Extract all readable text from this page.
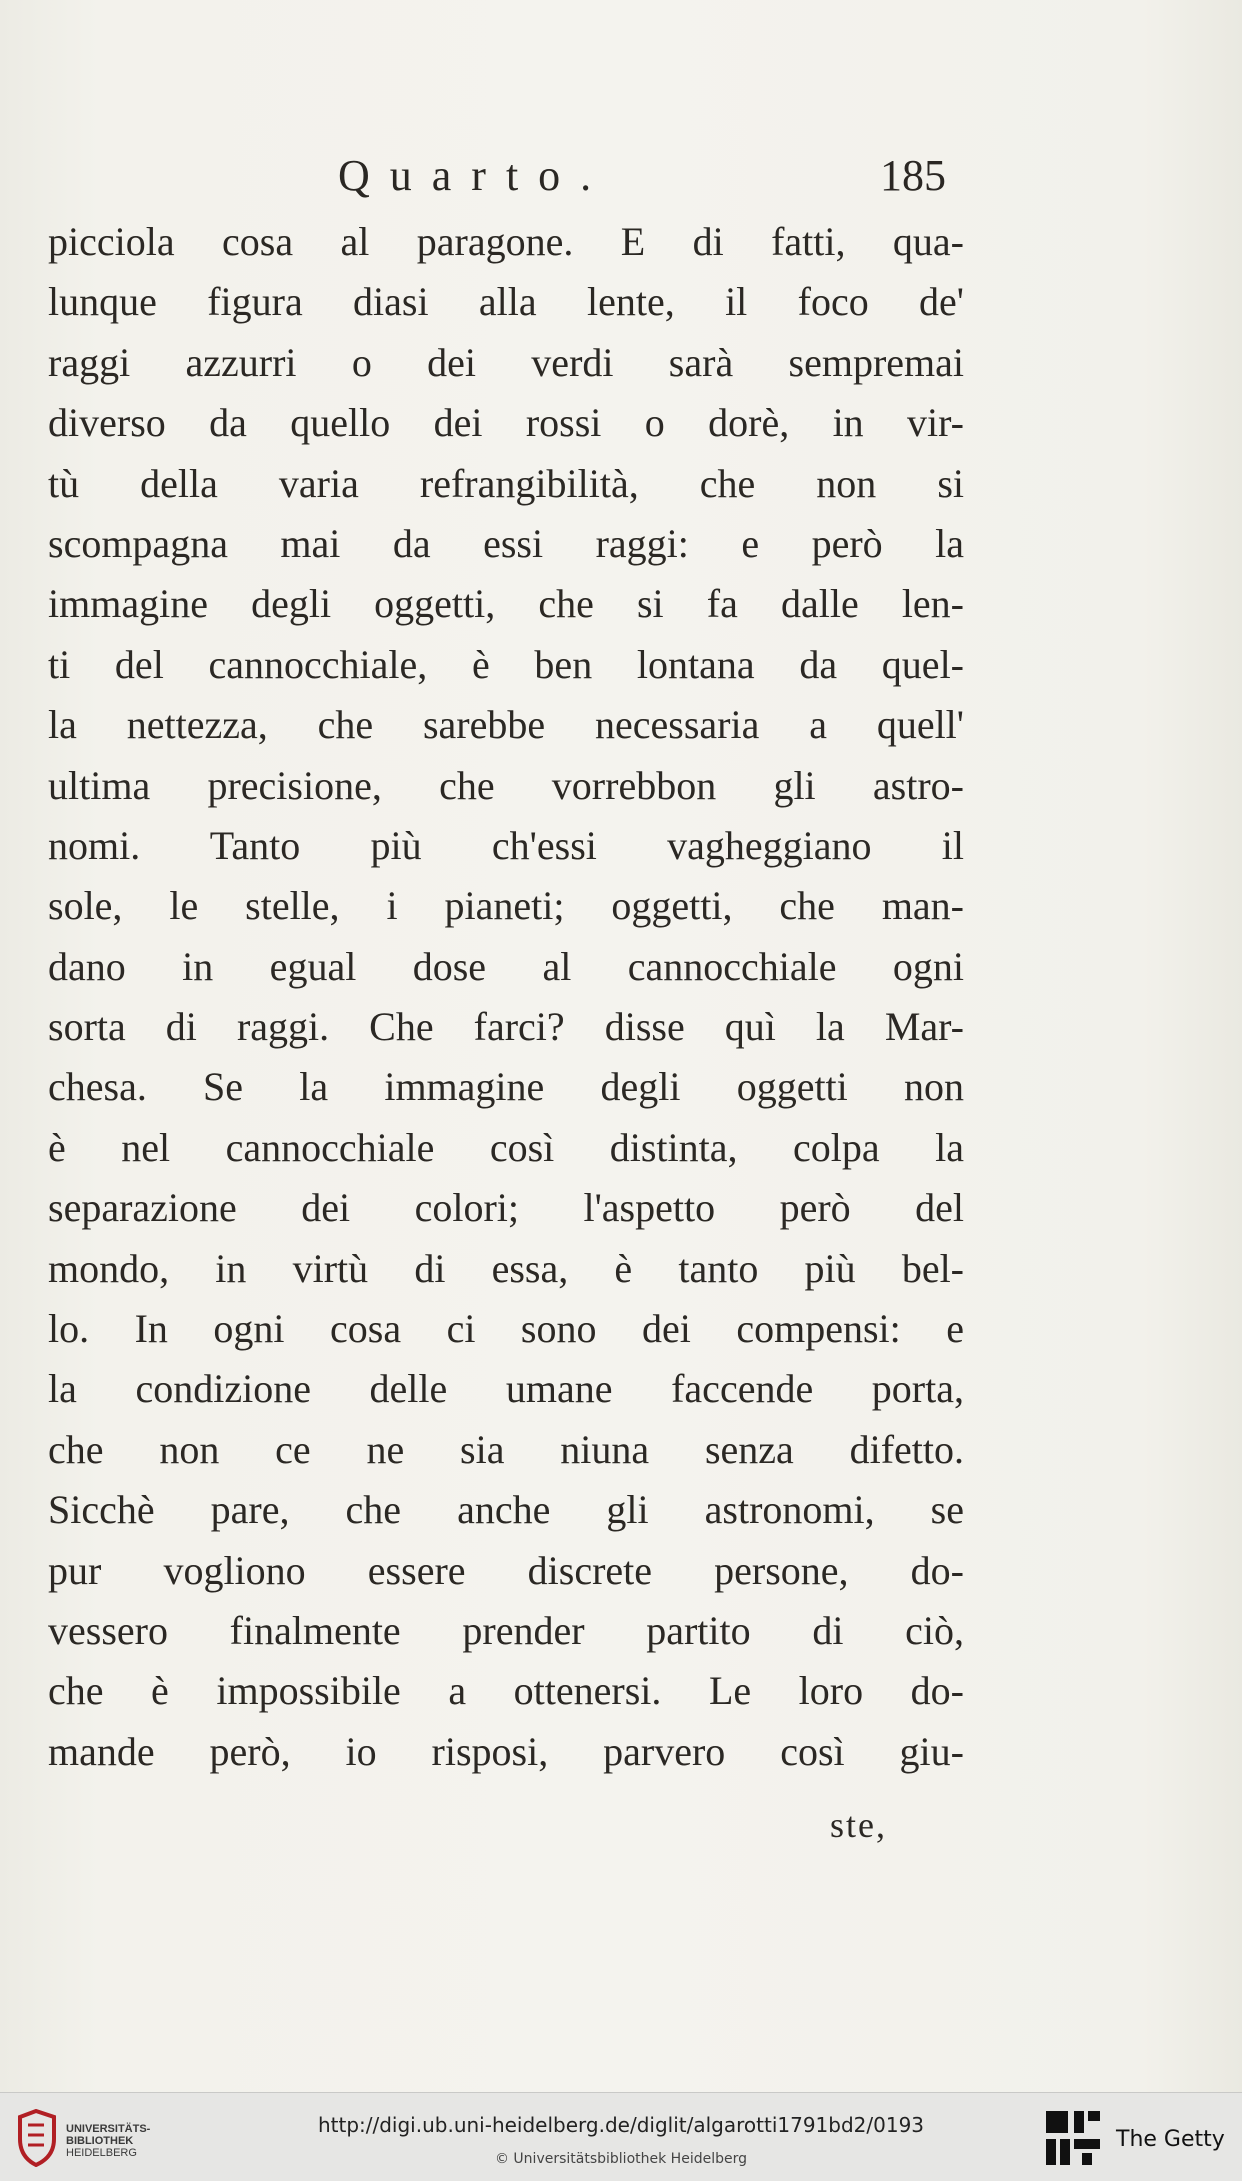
Quarto.	185
picciola cosa al paragone. E di fatti, qua-
lunque figura diasi alla lente, il foco de'
raggi azzurri o dei verdi sarà sempremai
diverso da quello dei rossi o dorè, in vir-
tù della varia refrangibilità, che non si
scompagna mai da essi raggi: e però la
immagine degli oggetti, che si fa dalle len-
ti del cannocchiale, è ben lontana da quel-
la nettezza, che sarebbe necessaria a quell'
ultima precisione, che vorrebbon gli astro-
nomi. Tanto più ch'essi vagheggiano il
sole, le stelle, i pianeti; oggetti, che man-
dano in egual dose al cannocchiale ogni
sorta di raggi. Che farci? disse quì la Mar-
chesa. Se la immagine degli oggetti non
è nel cannocchiale così distinta, colpa la
separazione dei colori; l'aspetto però del
mondo, in virtù di essa, è tanto più bel-
lo. In ogni cosa ci sono dei compensi: e
la condizione delle umane faccende porta,
che non ce ne sia niuna senza difetto.
Sicchè pare, che anche gli astronomi, se
pur vogliono essere discrete persone, do-
vessero finalmente prender partito di ciò,
che è impossibile a ottenersi. Le loro do-
mande però, io risposi, parvero così giu-
ste,
UNIVERSITÄTS-
BIBLIOTHEK
HEIDELBERG
http://digi.ub.uni-heidelberg.de/diglit/algarotti1791bd2/0193
© Universitätsbibliothek Heidelberg
The Getty
